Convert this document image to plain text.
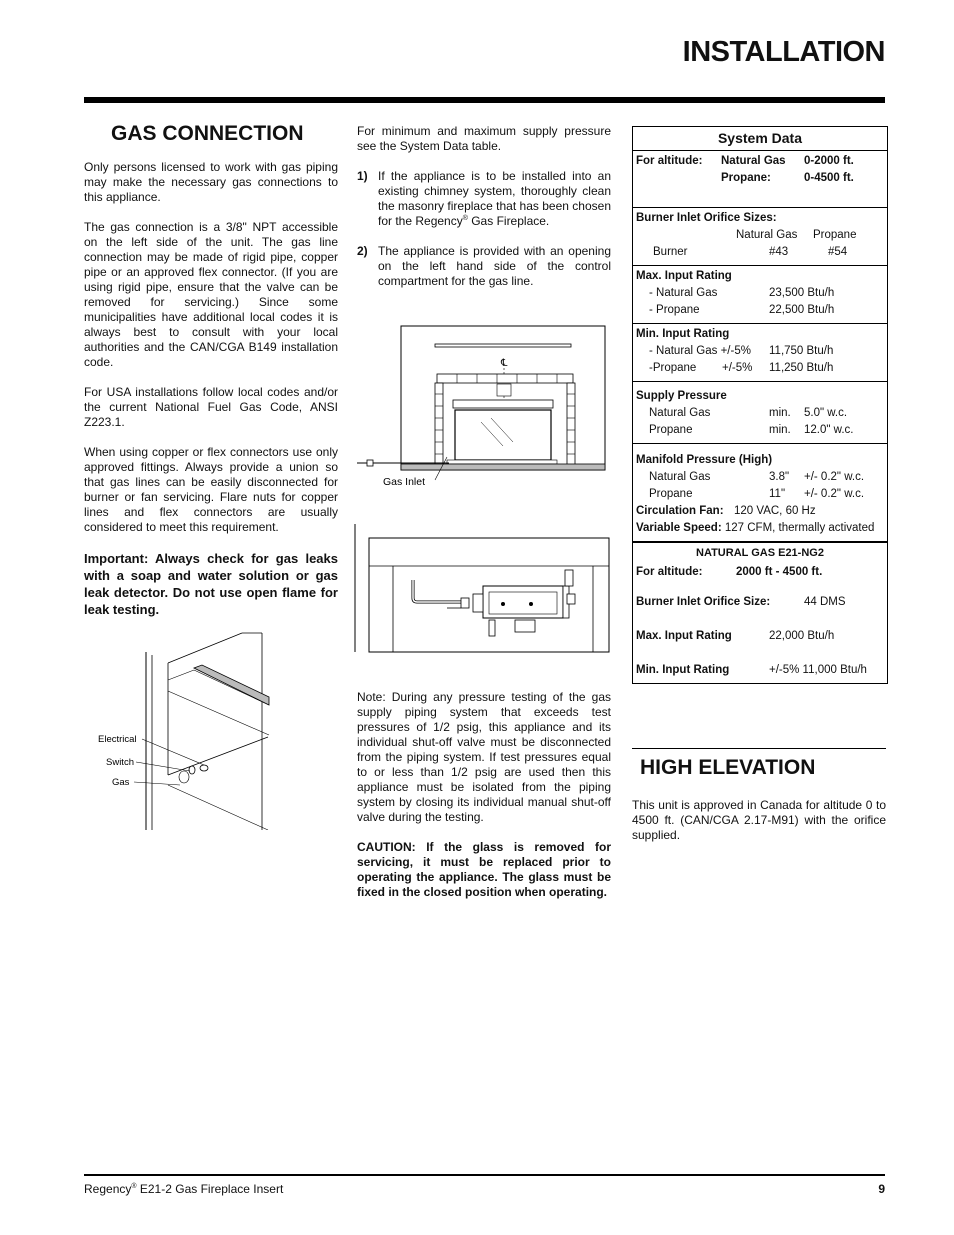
INSTALLATION
GAS CONNECTION

Only persons licensed to work with gas piping may make the necessary gas connections to this appliance.

The gas connection is a 3/8" NPT accessible on the left side of the unit. The gas line connection may be made of rigid pipe, copper pipe or an approved flex connector. (If you are using rigid pipe, ensure that the valve can be removed for servicing.) Since some municipalities have additional local codes it is always best to consult with your local authorities and the CAN/CGA B149 installation code.

For USA installations follow local codes and/or the current National Fuel Gas Code, ANSI Z223.1.

When using copper or flex connectors use only approved fittings. Always provide a union so that gas lines can be easily disconnected for burner or fan servicing. Flare nuts for copper lines and flex connectors are usually considered to meet this requirement.

Important: Always check for gas leaks with a soap and water solution or gas leak detector. Do not use open flame for leak testing.

Electrical
Switch
Gas

For minimum and maximum supply pressure see the System Data table.

1) If the appliance is to be installed into an existing chimney system, thoroughly clean the masonry fireplace that has been chosen for the Regency® Gas Fireplace.
2) The appliance is provided with an opening on the left hand side of the control compartment for the gas line.
℄
Gas Inlet

Note: During any pressure testing of the gas supply piping system that exceeds test pressures of 1/2 psig, this appliance and its individual shut-off valve must be disconnected from the piping system. If test pressures equal to or less than 1/2 psig are used then this appliance must be isolated from the piping system by closing its individual manual shut-off valve during the testing.

CAUTION: If the glass is removed for servicing, it must be replaced prior to operating the appliance. The glass must be fixed in the closed position when operating.

System Data
For altitude: Natural Gas 0-2000 ft.
Propane:	0-4500 ft.
Burner Inlet Orifice Sizes:
Natural Gas Propane
Burner	#43	#54
Max. Input Rating
- Natural Gas	23,500 Btu/h
- Propane	22,500 Btu/h
Min. Input Rating
- Natural Gas +/-5% 11,750 Btu/h
-Propane +/-5% 11,250 Btu/h
Supply Pressure
Natural Gas	min. 5.0" w.c.
Propane	min. 12.0" w.c.
Manifold Pressure (High)
Natural Gas	3.8" +/- 0.2" w.c.
Propane	11" +/- 0.2" w.c.
Circulation Fan: 120 VAC, 60 Hz
Variable Speed: 127 CFM, thermally activated
NATURAL GAS E21-NG2
For altitude:	2000 ft - 4500 ft.
Burner Inlet Orifice Size:	44 DMS
Max. Input Rating	22,000 Btu/h
Min. Input Rating	+/-5% 11,000 Btu/h
HIGH ELEVATION
This unit is approved in Canada for altitude 0 to 4500 ft. (CAN/CGA 2.17-M91) with the orifice supplied.
Regency® E21-2 Gas Fireplace Insert	9
